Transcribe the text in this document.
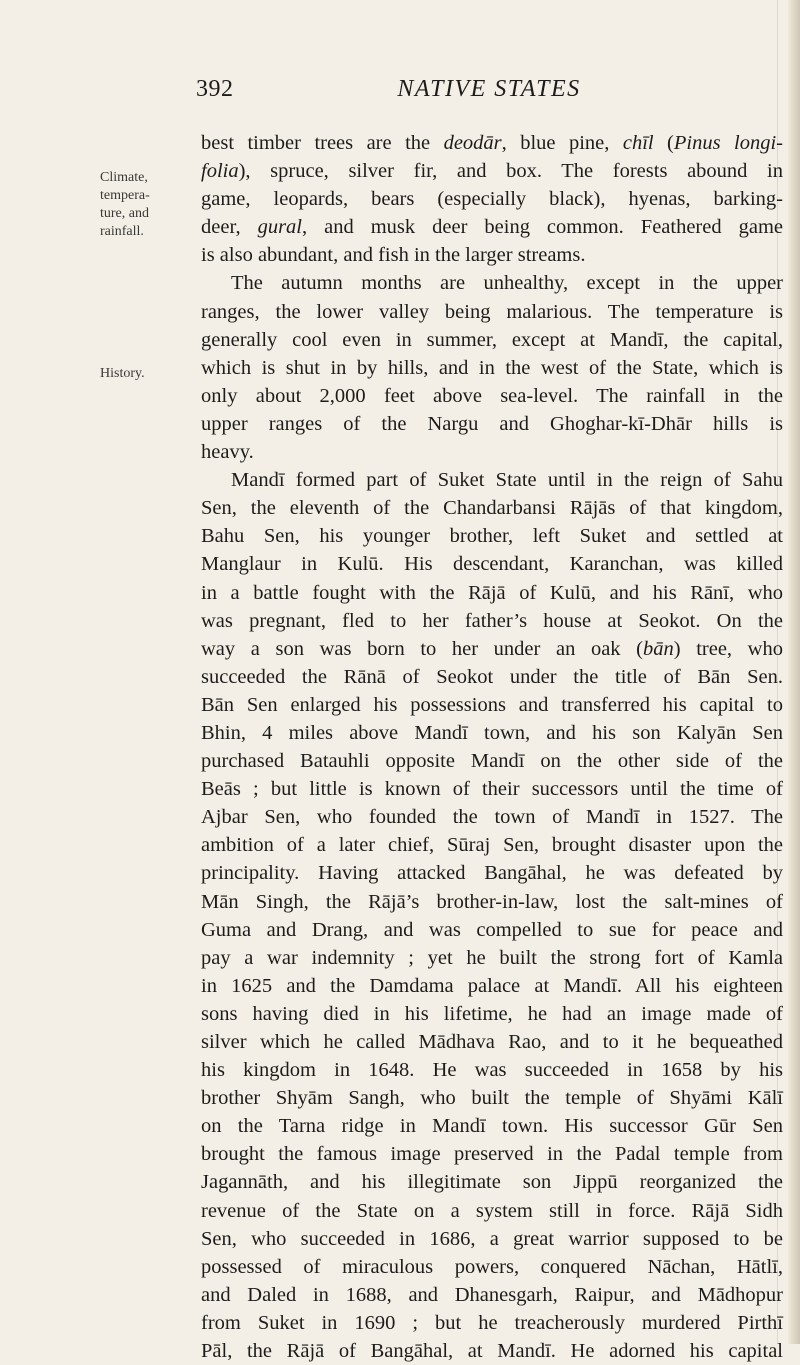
392	NATIVE STATES
Climate,
tempera-
ture, and
rainfall.
History.
best timber trees are the deodār, blue pine, chīl (Pinus longi-
folia), spruce, silver fir, and box. The forests abound in
game, leopards, bears (especially black), hyenas, barking-
deer, gural, and musk deer being common. Feathered game
is also abundant, and fish in the larger streams.
The autumn months are unhealthy, except in the upper
ranges, the lower valley being malarious. The temperature is
generally cool even in summer, except at Mandī, the capital,
which is shut in by hills, and in the west of the State, which is
only about 2,000 feet above sea-level. The rainfall in the
upper ranges of the Nargu and Ghoghar-kī-Dhār hills is
heavy.
Mandī formed part of Suket State until in the reign of Sahu
Sen, the eleventh of the Chandarbansi Rājās of that kingdom,
Bahu Sen, his younger brother, left Suket and settled at
Manglaur in Kulū. His descendant, Karanchan, was killed
in a battle fought with the Rājā of Kulū, and his Rānī, who
was pregnant, fled to her father’s house at Seokot. On the
way a son was born to her under an oak (bān) tree, who
succeeded the Rānā of Seokot under the title of Bān Sen.
Bān Sen enlarged his possessions and transferred his capital to
Bhin, 4 miles above Mandī town, and his son Kalyān Sen
purchased Batauhli opposite Mandī on the other side of the
Beās ; but little is known of their successors until the time of
Ajbar Sen, who founded the town of Mandī in 1527. The
ambition of a later chief, Sūraj Sen, brought disaster upon the
principality. Having attacked Bangāhal, he was defeated by
Mān Singh, the Rājā’s brother-in-law, lost the salt-mines of
Guma and Drang, and was compelled to sue for peace and
pay a war indemnity ; yet he built the strong fort of Kamla
in 1625 and the Damdama palace at Mandī. All his eighteen
sons having died in his lifetime, he had an image made of
silver which he called Mādhava Rao, and to it he bequeathed
his kingdom in 1648. He was succeeded in 1658 by his
brother Shyām Sangh, who built the temple of Shyāmi Kālī
on the Tarna ridge in Mandī town. His successor Gūr Sen
brought the famous image preserved in the Padal temple from
Jagannāth, and his illegitimate son Jippū reorganized the
revenue of the State on a system still in force. Rājā Sidh
Sen, who succeeded in 1686, a great warrior supposed to be
possessed of miraculous powers, conquered Nāchan, Hātlī,
and Daled in 1688, and Dhanesgarh, Raipur, and Mādhopur
from Suket in 1690 ; but he treacherously murdered Pirthī
Pāl, the Rājā of Bangāhal, at Mandī. He adorned his capital
